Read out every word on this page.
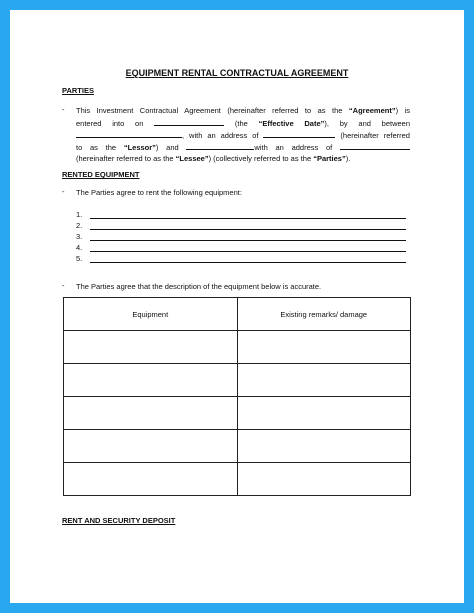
EQUIPMENT RENTAL CONTRACTUAL AGREEMENT
PARTIES
- This Investment Contractual Agreement (hereinafter referred to as the “Agreement”) is
entered into on	(the “Effective Date”), by and between
, with an address of	(hereinafter referred
to as the “Lessor”) and	with an address of
(hereinafter referred to as the “Lessee”) (collectively referred to as the “Parties”).
RENTED EQUIPMENT
- The Parties agree to rent the following equipment:
1.
2.
3.
4.
5.
- The Parties agree that the description of the equipment below is accurate.
Equipment	Existing remarks/ damage

RENT AND SECURITY DEPOSIT
